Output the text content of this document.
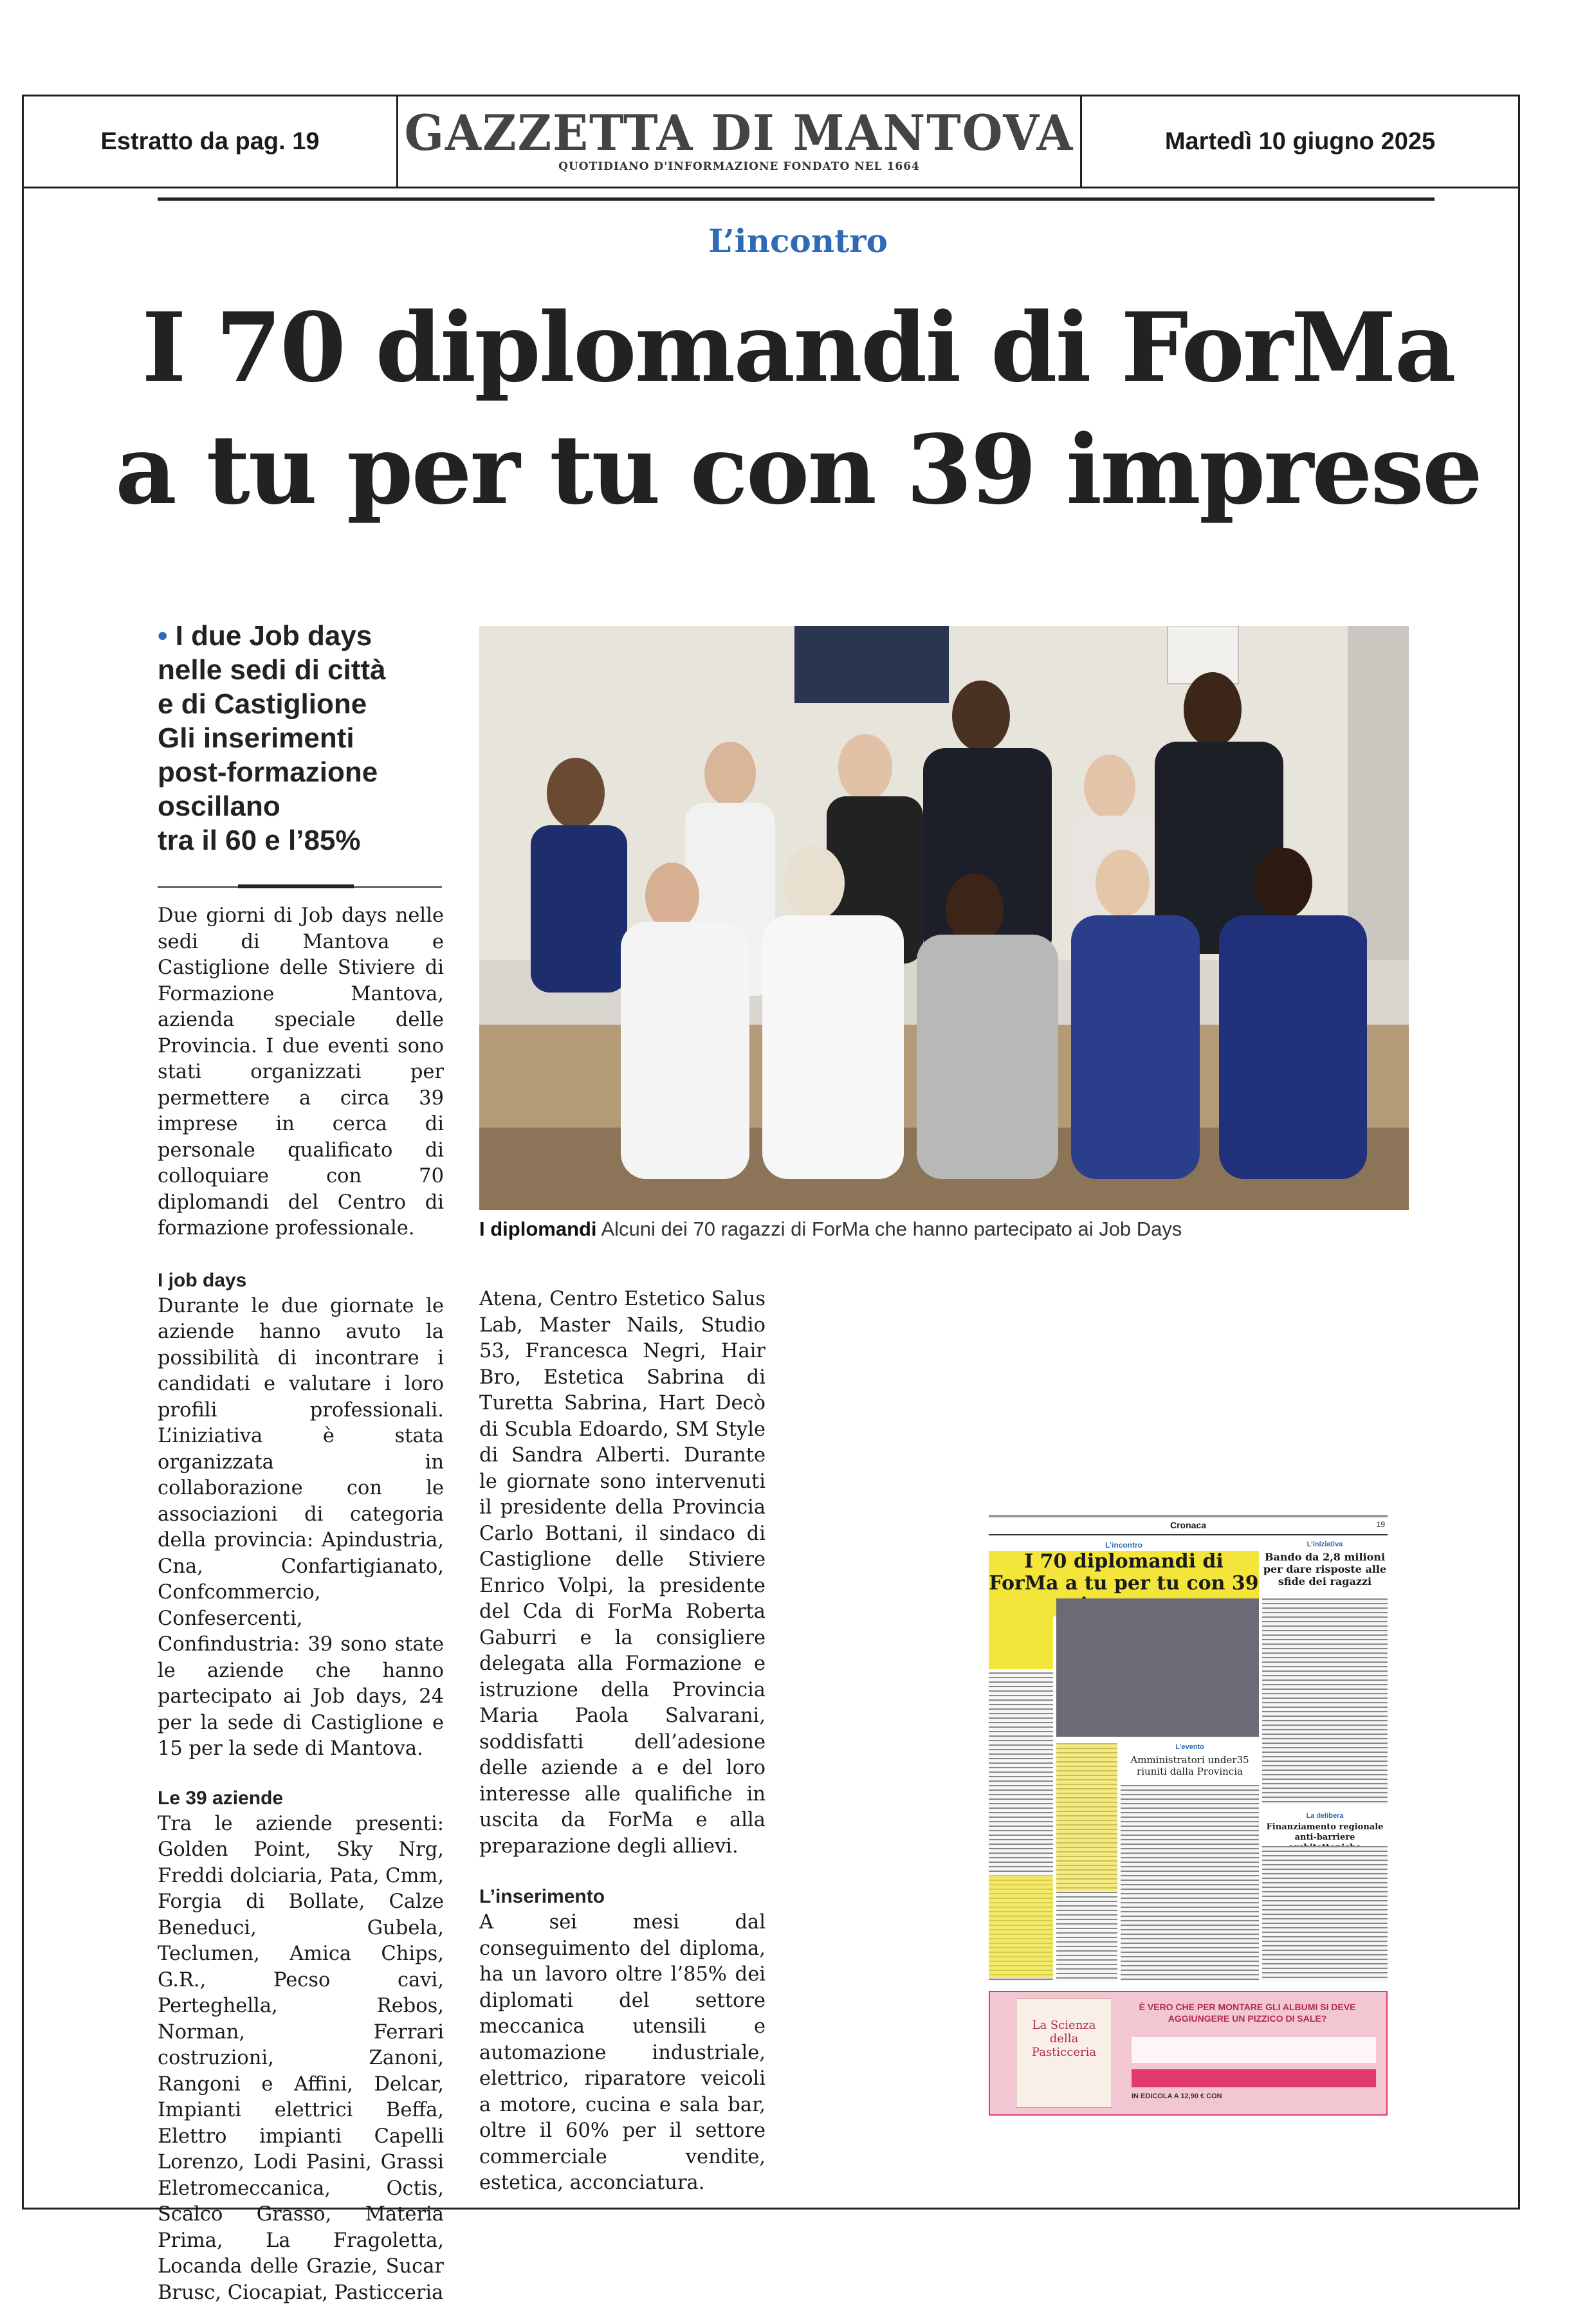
Estratto da pag. 19	GAZZETTA DI MANTOVA
QUOTIDIANO D'INFORMAZIONE FONDATO NEL 1664
Martedì 10 giugno 2025
L’incontro
I 70 diplomandi di ForMa
a tu per tu con 39 imprese
• I due Job days
nelle sedi di città
e di Castiglione
Gli inserimenti
post-formazione
oscillano
tra il 60 e l’85%

Due giorni di Job days nelle sedi di Mantova e Castiglione delle Stiviere di Formazione Mantova, azienda speciale delle Provincia. I due eventi sono stati organizzati per permettere a circa 39 imprese in cerca di personale qualificato di colloquiare con 70 diplomandi del Centro di formazione professionale.

I job days

Durante le due giornate le aziende hanno avuto la possibilità di incontrare i candidati e valutare i loro profili professionali. L’iniziativa è stata organizzata in collaborazione con le associazioni di categoria della provincia: Apindustria, Cna, Confartigianato, Confcommercio, Confesercenti, Confindustria: 39 sono state le aziende che hanno partecipato ai Job days, 24 per la sede di Castiglione e 15 per la sede di Mantova.

Le 39 aziende

Tra le aziende presenti: Golden Point, Sky Nrg, Freddi dolciaria, Pata, Cmm, Forgia di Bollate, Calze Beneduci, Gubela, Teclumen, Amica Chips, G.R., Pecso cavi, Perteghella, Rebos, Norman, Ferrari costruzioni, Zanoni, Rangoni e Affini, Delcar, Impianti elettrici Beffa, Elettro impianti Capelli Lorenzo, Lodi Pasini, Grassi Eletromeccanica, Octis, Scalco Grasso, Materia Prima, La Fragoletta, Locanda delle Grazie, Sucar Brusc, Ciocapiat, Pasticceria

I diplomandi Alcuni dei 70 ragazzi di ForMa che hanno partecipato ai Job Days

Atena, Centro Estetico Salus Lab, Master Nails, Studio 53, Francesca Negri, Hair Bro, Estetica Sabrina di Turetta Sabrina, Hart Decò di Scubla Edoardo, SM Style di Sandra Alberti. Durante le giornate sono intervenuti il presidente della Provincia Carlo Bottani, il sindaco di Castiglione delle Stiviere Enrico Volpi, la presidente del Cda di ForMa Roberta Gaburri e la consigliere delegata alla Formazione e istruzione della Provincia Maria Paola Salvarani, soddisfatti dell’adesione delle aziende a e del loro interesse alle qualifiche in uscita da ForMa e alla preparazione degli allievi.

L’inserimento

A sei mesi dal conseguimento del diploma, ha un lavoro oltre l’85% dei diplomati del settore meccanica utensili e automazione industriale, elettrico, riparatore veicoli a motore, cucina e sala bar, oltre il 60% per il settore commerciale vendite, estetica, acconciatura.

Cronaca	19
L’incontro
I 70 diplomandi di ForMa a tu per tu con 39
L’iniziativa
Bando da 2,8 milioni per dare risposte alle sfide dei ragazzi
L’evento
Amministratori under35 riuniti dalla Provincia
La delibera
Finanziamento regionale anti-barriere
La Scienza della Pasticceria
È VERO CHE PER MONTARE GLI ALBUMI SI DEVE AGGIUNGERE UN PIZZICO DI SALE?
IN EDICOLA A 12,90 € CON
